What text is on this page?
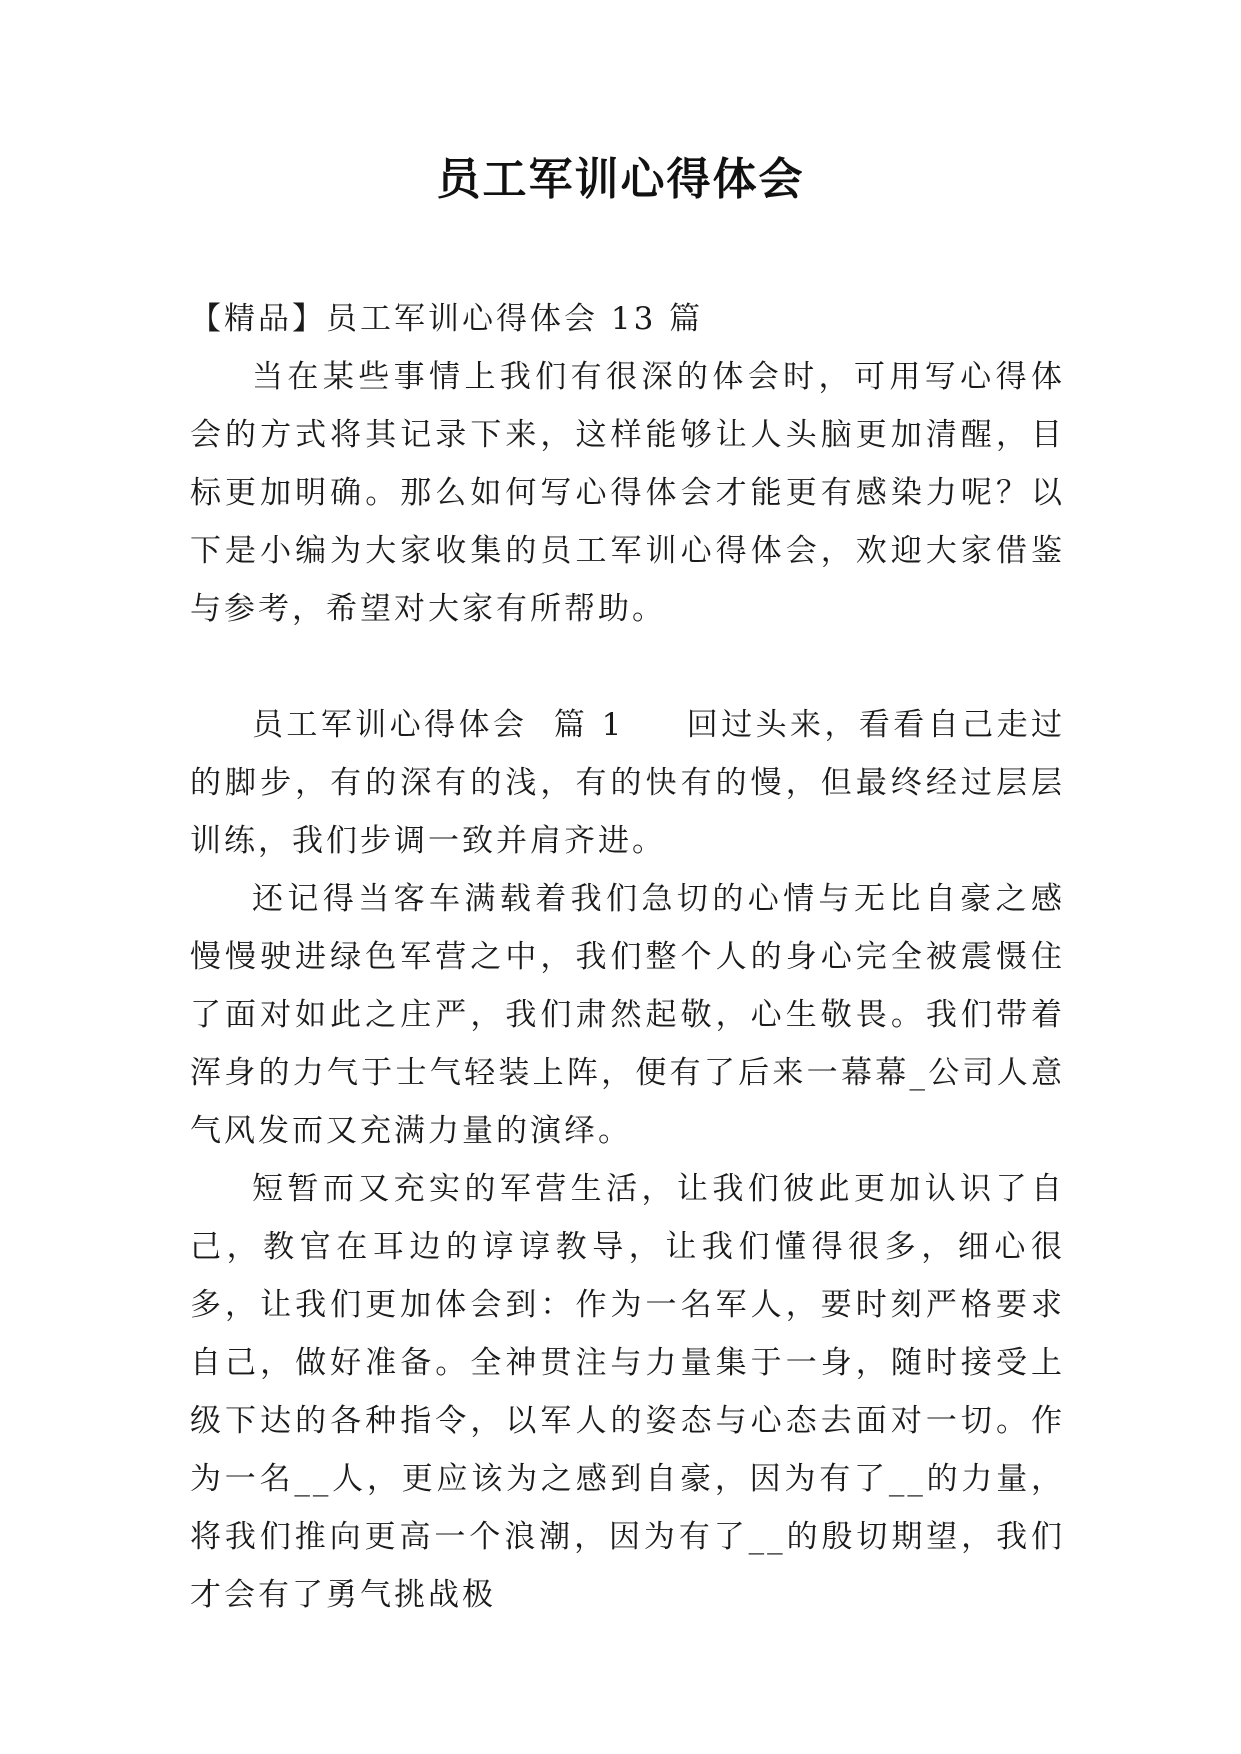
员工军训心得体会

【精品】员工军训心得体会 13 篇

当在某些事情上我们有很深的体会时，可用写心得体会的方式将其记录下来，这样能够让人头脑更加清醒，目标更加明确。那么如何写心得体会才能更有感染力呢？以下是小编为大家收集的员工军训心得体会，欢迎大家借鉴与参考，希望对大家有所帮助。

员工军训心得体会  篇 1 回过头来，看看自己走过的脚步，有的深有的浅，有的快有的慢，但最终经过层层训练，我们步调一致并肩齐进。

还记得当客车满载着我们急切的心情与无比自豪之感慢慢驶进绿色军营之中，我们整个人的身心完全被震慑住了面对如此之庄严，我们肃然起敬，心生敬畏。我们带着浑身的力气于士气轻装上阵，便有了后来一幕幕_公司人意气风发而又充满力量的演绎。

短暂而又充实的军营生活，让我们彼此更加认识了自己，教官在耳边的谆谆教导，让我们懂得很多，细心很多，让我们更加体会到：作为一名军人，要时刻严格要求自己，做好准备。全神贯注与力量集于一身，随时接受上级下达的各种指令，以军人的姿态与心态去面对一切。作为一名__人，更应该为之感到自豪，因为有了__的力量，将我们推向更高一个浪潮，因为有了__的殷切期望，我们才会有了勇气挑战极
